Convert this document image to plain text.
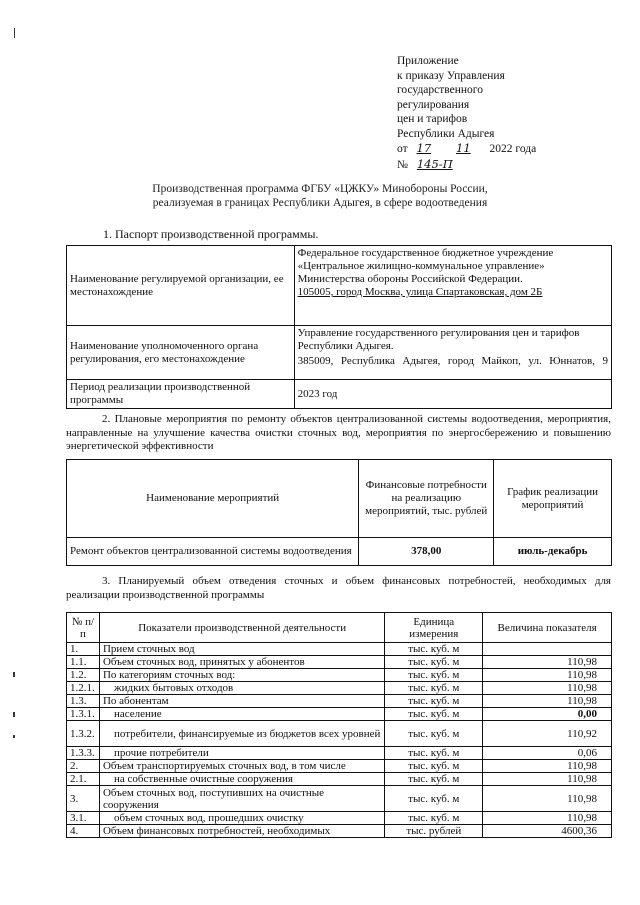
Приложение
к приказу Управления
государственного
регулирования
цен и тарифов
Республики Адыгея
от 17 11 2022 года
№ 145-П
Производственная программа ФГБУ «ЦЖКУ» Минобороны России, реализуемая в границах Республики Адыгея, в сфере водоотведения
1. Паспорт производственной программы.
Наименование регулируемой организации, ее местонахождение	Федеральное государственное бюджетное учреждение «Центральное жилищно-коммунальное управление» Министерства обороны Российской Федерации.
105005, город Москва, улица Спартаковская, дом 2Б

Наименование уполномоченного органа регулирования, его местонахождение	Управление государственного регулирования цен и тарифов Республики Адыгея.
385009, Республика Адыгея, город Майкоп, ул. Юннатов, 9

Период реализации производственной программы	2023 год
2. Плановые мероприятия по ремонту объектов централизованной системы водоотведения, мероприятия, направленные на улучшение качества очистки сточных вод, мероприятия по энергосбережению и повышению энергетической эффективности
Наименование мероприятий	Финансовые потребности на реализацию мероприятий, тыс. рублей	График реализации мероприятий
Ремонт объектов централизованной системы водоотведения	378,00	июль-декабрь
3. Планируемый объем отведения сточных и объем финансовых потребностей, необходимых для реализации производственной программы
№ п/п	Показатели производственной деятельности	Единица измерения	Величина показателя
1.	Прием сточных вод	тыс. куб. м	
1.1.	Объем сточных вод, принятых у абонентов	тыс. куб. м	110,98
1.2.	По категориям сточных вод:	тыс. куб. м	110,98
1.2.1.	жидких бытовых отходов	тыс. куб. м	110,98
1.3.	По абонентам	тыс. куб. м	110,98
1.3.1.	население	тыс. куб. м	0,00
1.3.2.	потребители, финансируемые из бюджетов всех уровней	тыс. куб. м	110,92
1.3.3.	прочие потребители	тыс. куб. м	0,06
2.	Объем транспортируемых сточных вод, в том числе	тыс. куб. м	110,98
2.1.	на собственные очистные сооружения	тыс. куб. м	110,98
3.	Объем сточных вод, поступивших на очистные сооружения	тыс. куб. м	110,98
3.1.	объем сточных вод, прошедших очистку	тыс. куб. м	110,98
4.	Объем финансовых потребностей, необходимых	тыс. рублей	4600,36
